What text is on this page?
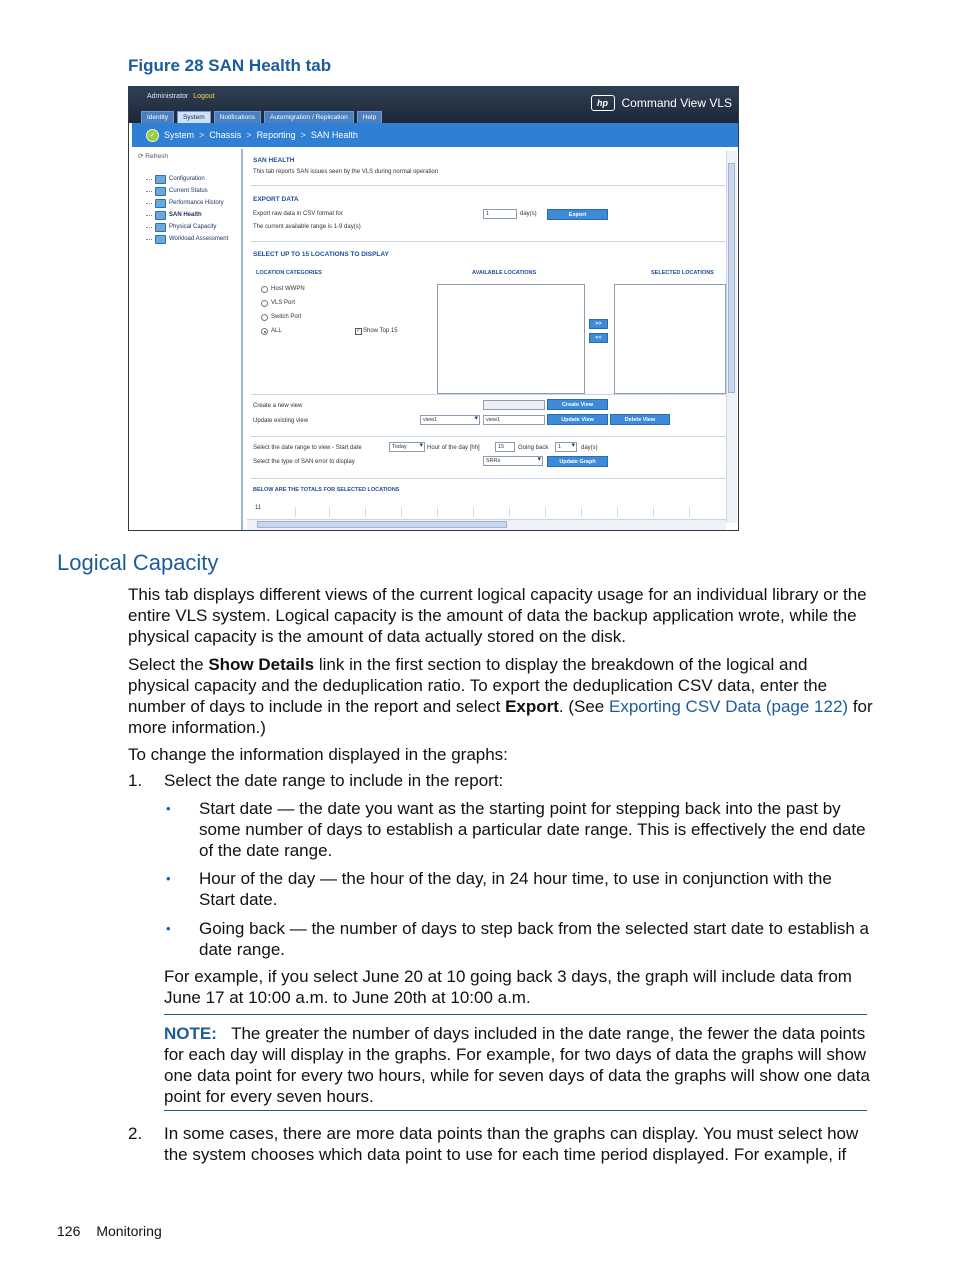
Figure 28 SAN Health tab
Administrator Logout
hp	Command View VLS
Identity	System	Notifications	Automigration / Replication	Help
✓ System > Chassis > Reporting > SAN Health
⟳ Refresh
Configuration
Current Status
Performance History
SAN Health
Physical Capacity
Workload Assessment
SAN HEALTH
This tab reports SAN issues seen by the VLS during normal operation
EXPORT DATA
Export raw data in CSV format for	1	day(s)	Export
The current available range is 1-9 day(s)
SELECT UP TO 15 LOCATIONS TO DISPLAY
LOCATION CATEGORIES	AVAILABLE LOCATIONS	SELECTED LOCATIONS
Host WWPN
VLS Port
Switch Port
ALL	✓ Show Top 15
>>
<<
Create a new view	Create View
Update existing view	view1 ▾	view1	Update View	Delete View
Select the date range to view - Start date	Today ▾	Hour of the day [hh]	15	Going back	1 ▾	day(s)
Select the type of SAN error to display	SRRs ▾	Update Graph
BELOW ARE THE TOTALS FOR SELECTED LOCATIONS
11
Logical Capacity

This tab displays different views of the current logical capacity usage for an individual library or the entire VLS system. Logical capacity is the amount of data the backup application wrote, while the physical capacity is the amount of data actually stored on the disk.

Select the Show Details link in the first section to display the breakdown of the logical and physical capacity and the deduplication ratio. To export the deduplication CSV data, enter the number of days to include in the report and select Export. (See Exporting CSV Data (page 122) for more information.)

To change the information displayed in the graphs:

1. Select the date range to include in the report:

• Start date — the date you want as the starting point for stepping back into the past by some number of days to establish a particular date range. This is effectively the end date of the date range.

• Hour of the day — the hour of the day, in 24 hour time, to use in conjunction with the Start date.

• Going back — the number of days to step back from the selected start date to establish a date range.

For example, if you select June 20 at 10 going back 3 days, the graph will include data from June 17 at 10:00 a.m. to June 20th at 10:00 a.m.

NOTE: The greater the number of days included in the date range, the fewer the data points for each day will display in the graphs. For example, for two days of data the graphs will show one data point for every two hours, while for seven days of data the graphs will show one data point for every seven hours.

2. In some cases, there are more data points than the graphs can display. You must select how the system chooses which data point to use for each time period displayed. For example, if

126 Monitoring
